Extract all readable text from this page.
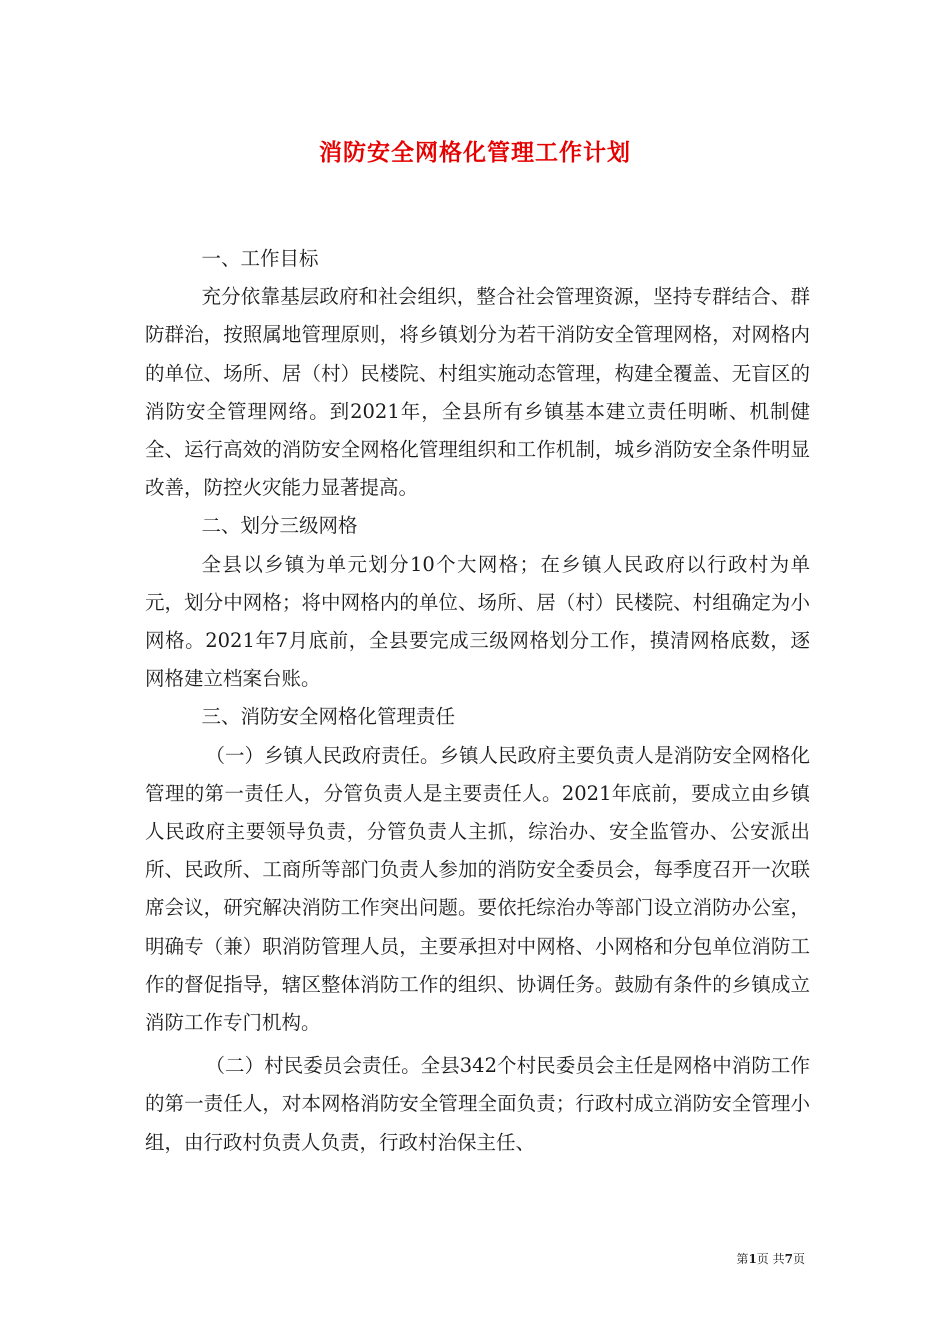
消防安全网格化管理工作计划

一、工作目标

充分依靠基层政府和社会组织，整合社会管理资源，坚持专群结合、群防群治，按照属地管理原则，将乡镇划分为若干消防安全管理网格，对网格内的单位、场所、居（村）民楼院、村组实施动态管理，构建全覆盖、无盲区的消防安全管理网络。到2021年，全县所有乡镇基本建立责任明晰、机制健全、运行高效的消防安全网格化管理组织和工作机制，城乡消防安全条件明显改善，防控火灾能力显著提高。

二、划分三级网格

全县以乡镇为单元划分10个大网格；在乡镇人民政府以行政村为单元，划分中网格；将中网格内的单位、场所、居（村）民楼院、村组确定为小网格。2021年7月底前，全县要完成三级网格划分工作，摸清网格底数，逐网格建立档案台账。

三、消防安全网格化管理责任

（一）乡镇人民政府责任。乡镇人民政府主要负责人是消防安全网格化管理的第一责任人，分管负责人是主要责任人。2021年底前，要成立由乡镇人民政府主要领导负责，分管负责人主抓，综治办、安全监管办、公安派出所、民政所、工商所等部门负责人参加的消防安全委员会，每季度召开一次联席会议，研究解决消防工作突出问题。要依托综治办等部门设立消防办公室，明确专（兼）职消防管理人员，主要承担对中网格、小网格和分包单位消防工作的督促指导，辖区整体消防工作的组织、协调任务。鼓励有条件的乡镇成立消防工作专门机构。

（二）村民委员会责任。全县342个村民委员会主任是网格中消防工作的第一责任人，对本网格消防安全管理全面负责；行政村成立消防安全管理小组，由行政村负责人负责，行政村治保主任、

第1页 共7页
